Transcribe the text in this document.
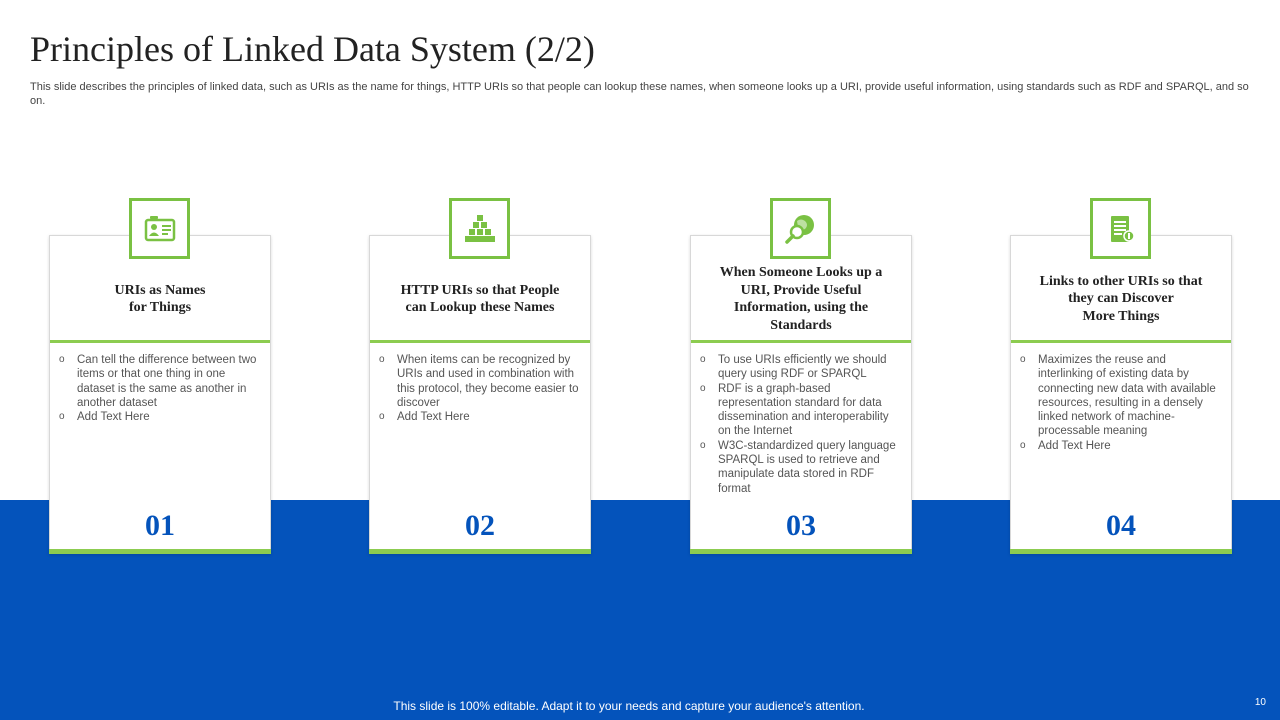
Principles of Linked Data System (2/2)
This slide describes the principles of linked data, such as URIs as the name for things, HTTP URIs so that people can lookup these names, when someone looks up a URI, provide useful information, using standards such as RDF and SPARQL, and so on.
URIs as Names
for Things
o Can tell the difference between two items or that one thing in one dataset is the same as another in another dataset
o Add Text Here
01
HTTP URIs so that People
can Lookup these Names
o When items can be recognized by URIs and used in combination with this protocol, they become easier to discover
o Add Text Here
02
When Someone Looks up a URI, Provide Useful Information, using the Standards
o To use URIs efficiently we should query using RDF or SPARQL
o RDF is a graph-based representation standard for data dissemination and interoperability on the Internet
o W3C-standardized query language SPARQL is used to retrieve and manipulate data stored in RDF format
03
Links to other URIs so that
they can Discover
More Things
o Maximizes the reuse and interlinking of existing data by connecting new data with available resources, resulting in a densely linked network of machine-processable meaning
o Add Text Here
04
This slide is 100% editable. Adapt it to your needs and capture your audience's attention.	10
